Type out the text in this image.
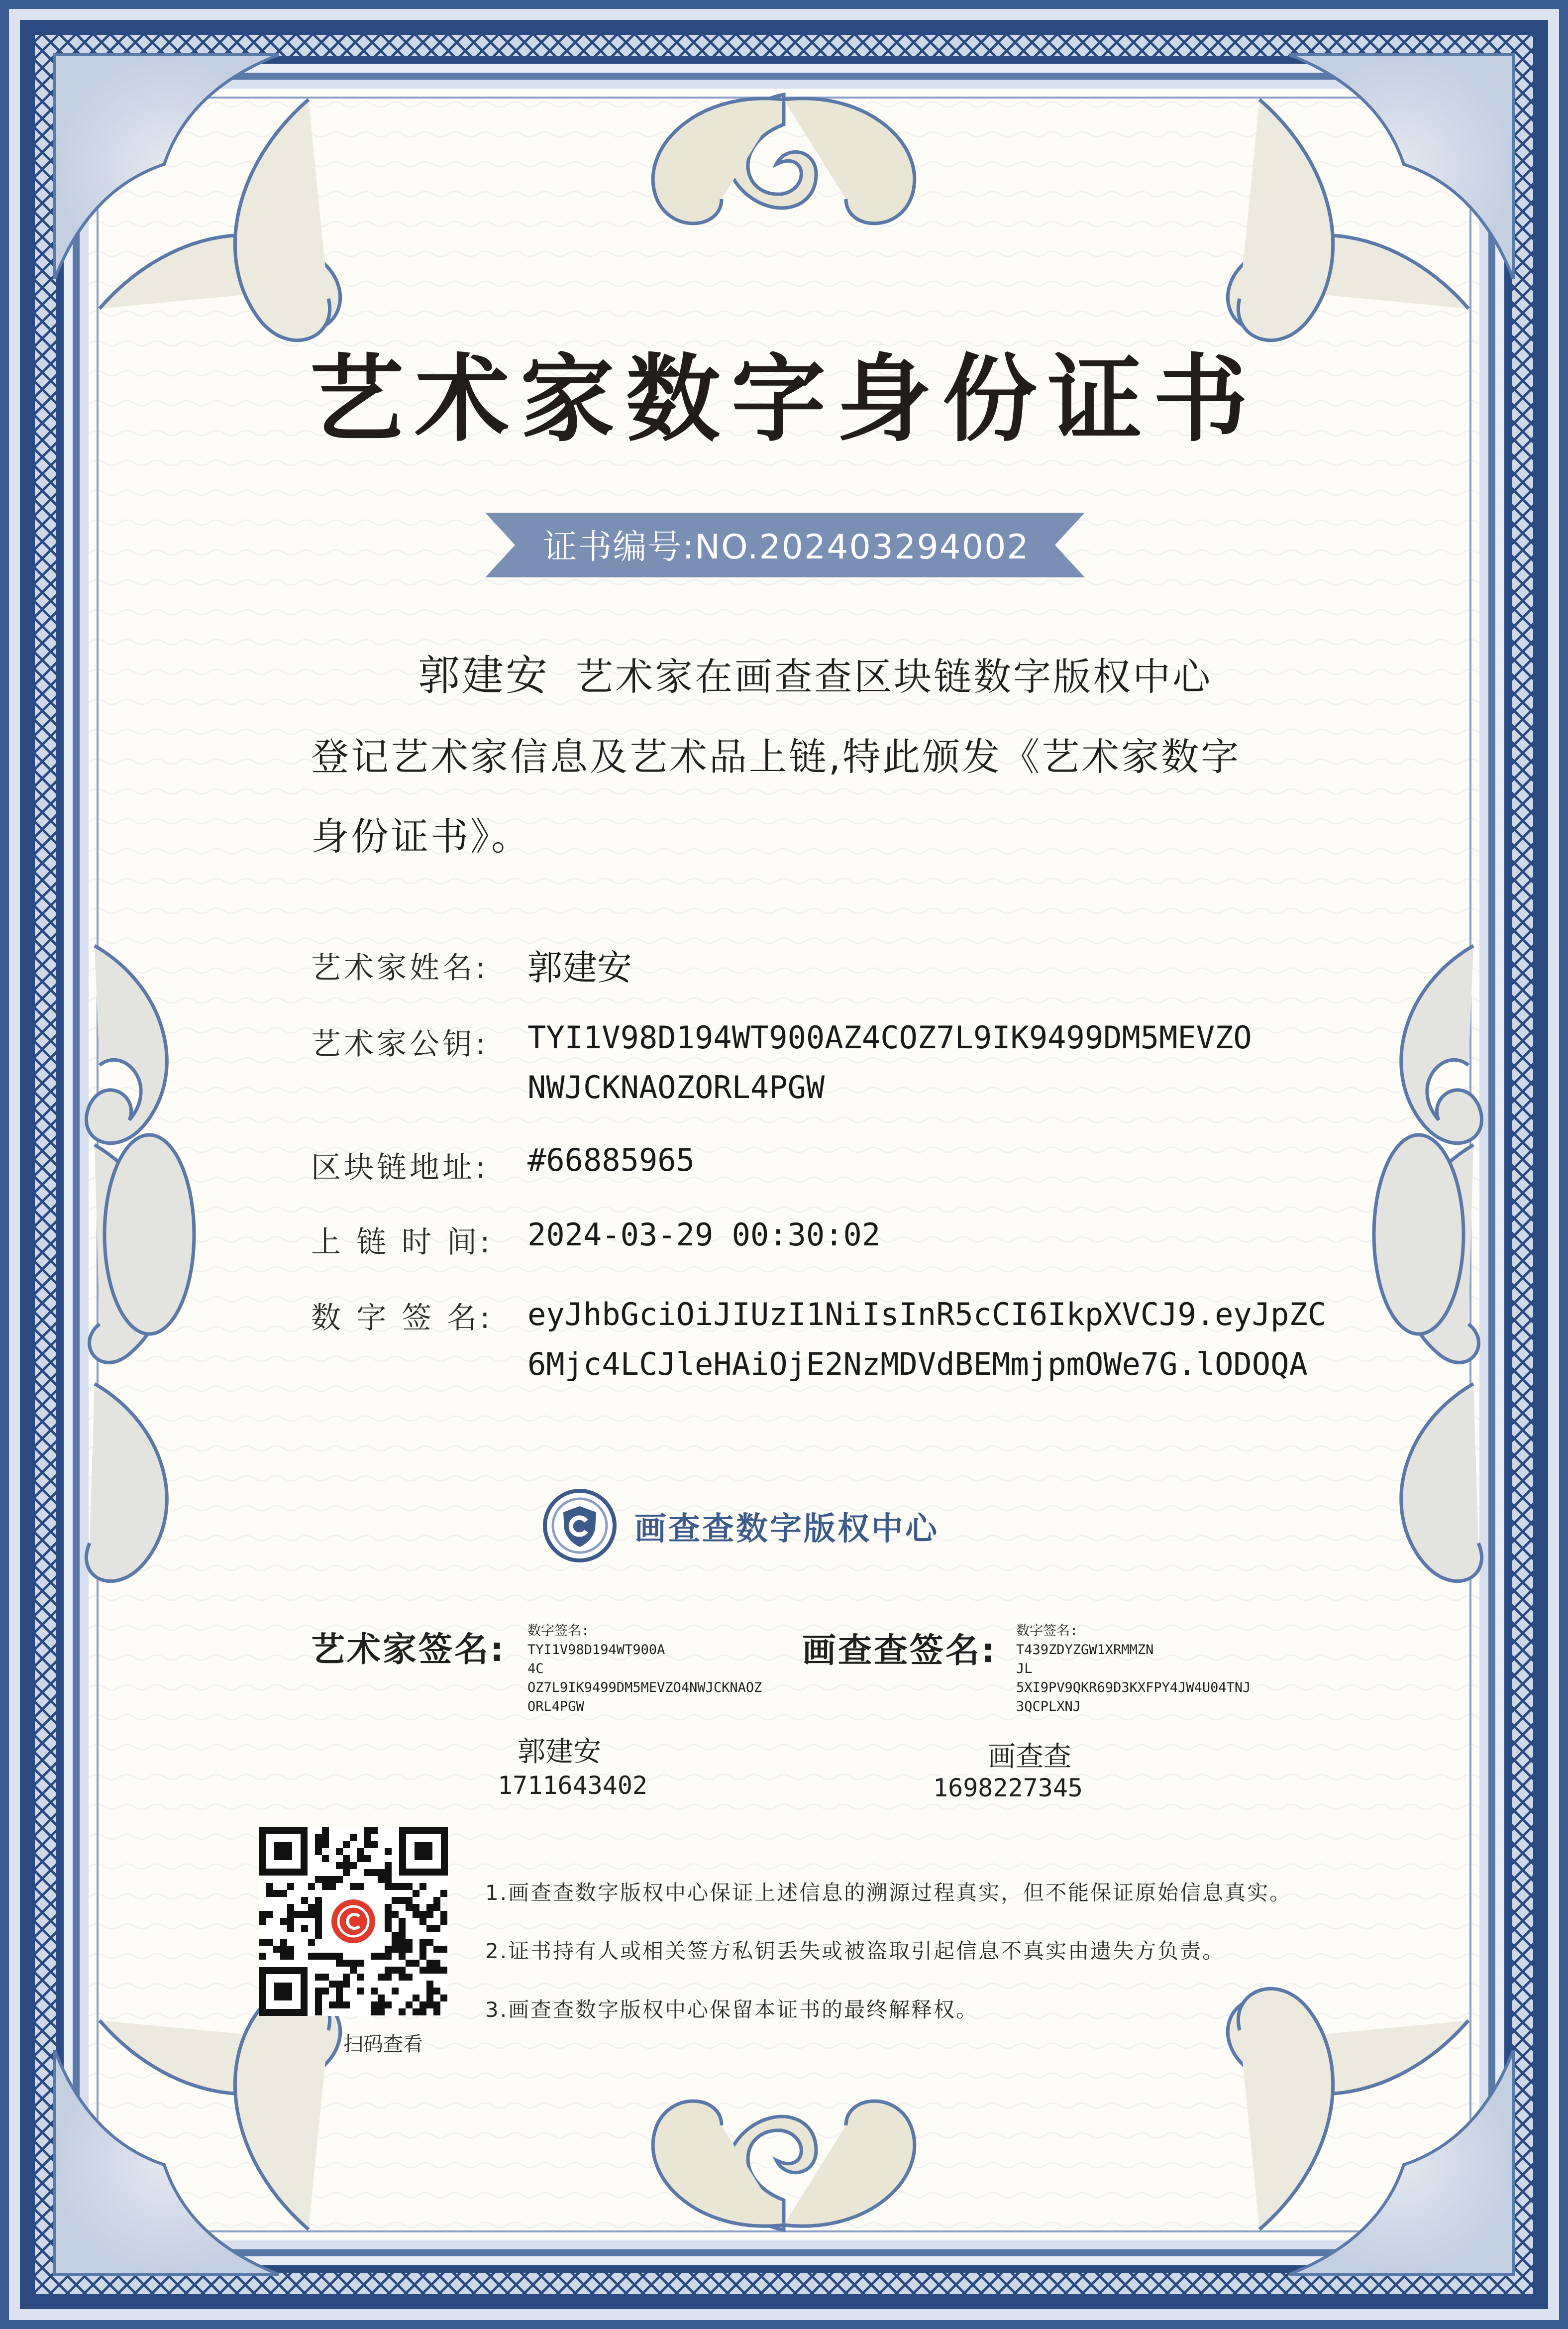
艺术家数字身份证书
证书编号:NO.202403294002
郭建安 艺术家在画查查区块链数字版权中心
登记艺术家信息及艺术品上链,特此颁发《艺术家数字
身份证书》。
艺术家姓名: 郭建安
艺术家公钥: TYI1V98D194WT900AZ4COZ7L9IK9499DM5MEVZO
NWJCKNAOZORL4PGW
区块链地址: #66885965
上 链 时 间: 2024-03-29 00:30:02
数 字 签 名: eyJhbGciOiJIUzI1NiIsInR5cCI6IkpXVCJ9.eyJpZC
6Mjc4LCJleHAiOjE2NzMDVdBEMmjpmOWe7G.lODOQA
画查查数字版权中心
艺术家签名: 数字签名:
TYI1V98D194WT900A
4C
OZ7L9IK9499DM5MEVZO4NWJCKNAOZ
ORL4PGW
郭建安
1711643402
画查查签名:
数字签名:
T439ZDYZGW1XRMMZN
JL
5XI9PV9QKR69D3KXFPY4JW4U04TNJ
3QCPLXNJ
画查查
1698227345
扫码查看
1.画查查数字版权中心保证上述信息的溯源过程真实，但不能保证原始信息真实。
2.证书持有人或相关签方私钥丢失或被盗取引起信息不真实由遗失方负责。
3.画查查数字版权中心保留本证书的最终解释权。
